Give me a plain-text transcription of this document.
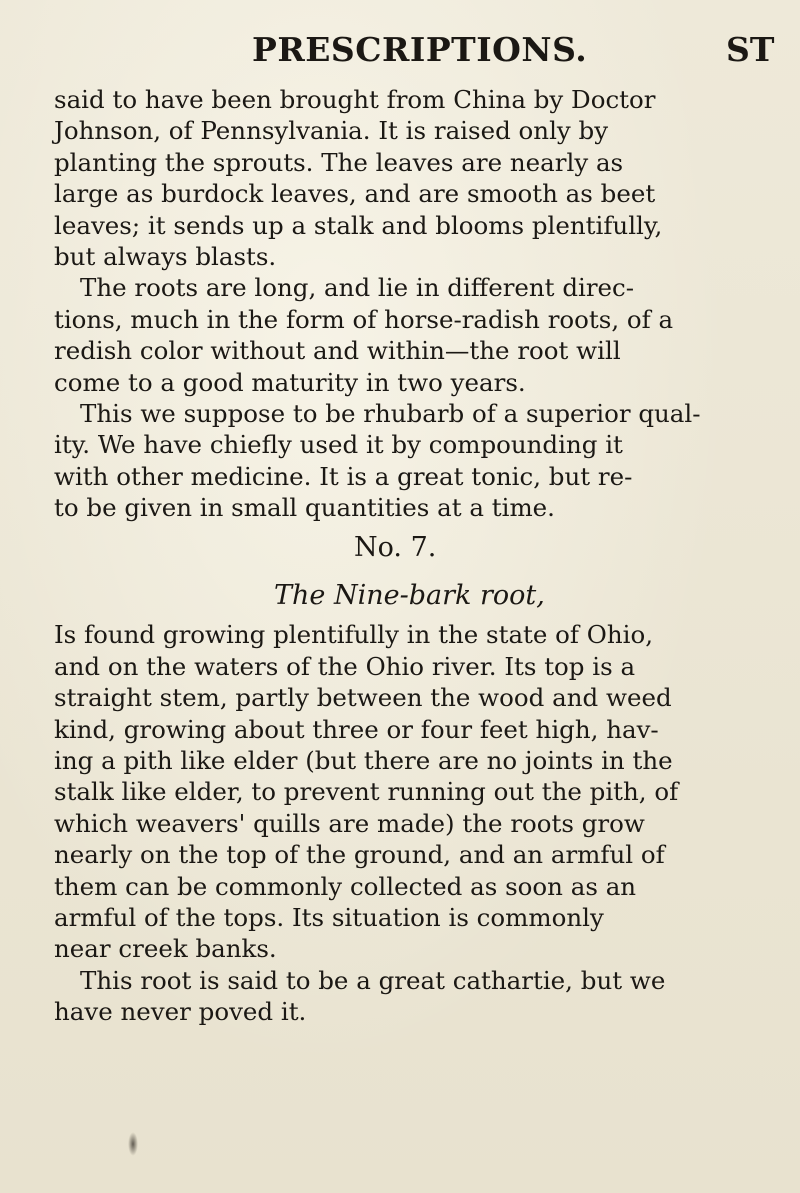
PRESCRIPTIONS.	ST
said to have been brought from China by Doctor
Johnson, of Pennsylvania. It is raised only by
planting the sprouts. The leaves are nearly as
large as burdock leaves, and are smooth as beet
leaves; it sends up a stalk and blooms plentifully,
but always blasts.
The roots are long, and lie in different direc-
tions, much in the form of horse-radish roots, of a
redish color without and within—the root will
come to a good maturity in two years.
This we suppose to be rhubarb of a superior qual-
ity. We have chiefly used it by compounding it
with other medicine. It is a great tonic, but re-
to be given in small quantities at a time.
No. 7.
The Nine-bark root,
Is found growing plentifully in the state of Ohio,
and on the waters of the Ohio river. Its top is a
straight stem, partly between the wood and weed
kind, growing about three or four feet high, hav-
ing a pith like elder (but there are no joints in the
stalk like elder, to prevent running out the pith, of
which weavers' quills are made) the roots grow
nearly on the top of the ground, and an armful of
them can be commonly collected as soon as an
armful of the tops. Its situation is commonly
near creek banks.
This root is said to be a great cathartie, but we
have never poved it.
